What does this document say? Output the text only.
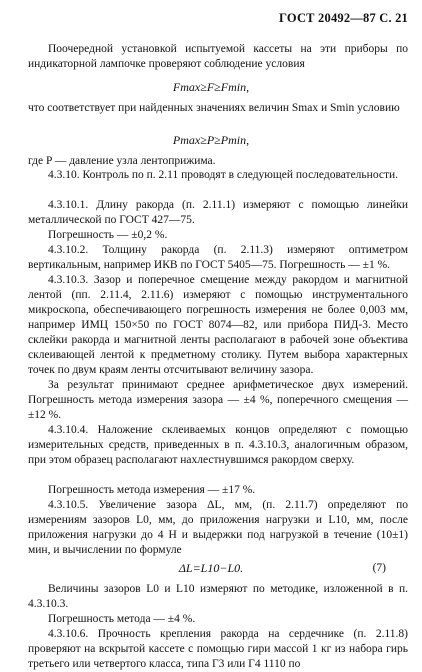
ГОСТ 20492—87 С. 21

Поочередной установкой испытуемой кассеты на эти приборы по индикаторной лампочке проверяют соблюдение условия

Fmax≥F≥Fmin,

что соответствует при найденных значениях величин Smax и Smin условию

Pmax≥P≥Pmin,

где P — давление узла лентоприжима.

4.3.10. Контроль по п. 2.11 проводят в следующей последовательности.

4.3.10.1. Длину ракорда (п. 2.11.1) измеряют с помощью линейки металлической по ГОСТ 427—75.

Погрешность — ±0,2 %.

4.3.10.2. Толщину ракорда (п. 2.11.3) измеряют оптиметром вертикальным, например ИКВ по ГОСТ 5405—75. Погрешность — ±1 %.

4.3.10.3. Зазор и поперечное смещение между ракордом и магнитной лентой (пп. 2.11.4, 2.11.6) измеряют с помощью инструментального микроскопа, обеспечивающего погрешность измерения не более 0,003 мм, например ИМЦ 150×50 по ГОСТ 8074—82, или прибора ПИД-3. Место склейки ракорда и магнитной ленты располагают в рабочей зоне объектива склеивающей лентой к предметному столику. Путем выбора характерных точек по двум краям ленты отсчитывают величину зазора.

За результат принимают среднее арифметическое двух измерений. Погрешность метода измерения зазора — ±4 %, поперечного смещения — ±12 %.

4.3.10.4. Наложение склеиваемых концов определяют с помощью измерительных средств, приведенных в п. 4.3.10.3, аналогичным образом, при этом образец располагают нахлестнувшимся ракордом сверху.

Погрешность метода измерения — ±17 %.

4.3.10.5. Увеличение зазора ΔL, мм, (п. 2.11.7) определяют по измерениям зазоров L0, мм, до приложения нагрузки и L10, мм, после приложения нагрузки до 4 Н и выдержки под нагрузкой в течение (10±1) мин, и вычислении по формуле

ΔL=L10−L0.	(7)

Величины зазоров L0 и L10 измеряют по методике, изложенной в п. 4.3.10.3.

Погрешность метода — ±4 %.

4.3.10.6. Прочность крепления ракорда на сердечнике (п. 2.11.8) проверяют на вскрытой кассете с помощью гири массой 1 кг из набора гирь третьего или четвертого класса, типа Г3 или Г4 1110 по
